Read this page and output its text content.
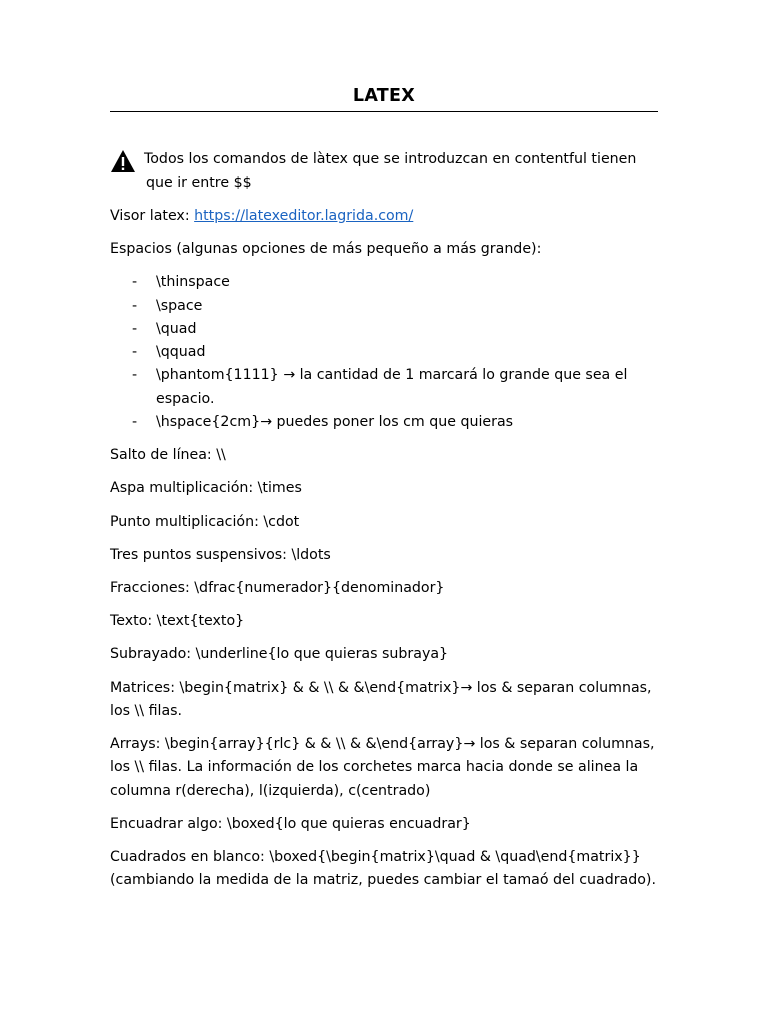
LATEX
Todos los comandos de làtex que se introduzcan en contentful tienen
que ir entre $$

Visor latex: https://latexeditor.lagrida.com/

Espacios (algunas opciones de más pequeño a más grande):

- \thinspace
- \space
- \quad
- \qquad
- \phantom{1111} → la cantidad de 1 marcará lo grande que sea el espacio.
- \hspace{2cm}→ puedes poner los cm que quieras

Salto de línea: \\

Aspa multiplicación: \times

Punto multiplicación: \cdot

Tres puntos suspensivos: \ldots

Fracciones: \dfrac{numerador}{denominador}

Texto: \text{texto}

Subrayado: \underline{lo que quieras subraya}

Matrices: \begin{matrix} & & \\ & &\end{matrix}→ los & separan columnas, los \\ filas.

Arrays: \begin{array}{rlc} & & \\ & &\end{array}→ los & separan columnas, los \\ filas. La información de los corchetes marca hacia donde se alinea la columna r(derecha), l(izquierda), c(centrado)

Encuadrar algo: \boxed{lo que quieras encuadrar}

Cuadrados en blanco: \boxed{\begin{matrix}\quad & \quad\end{matrix}} (cambiando la medida de la matriz, puedes cambiar el tamaó del cuadrado).
